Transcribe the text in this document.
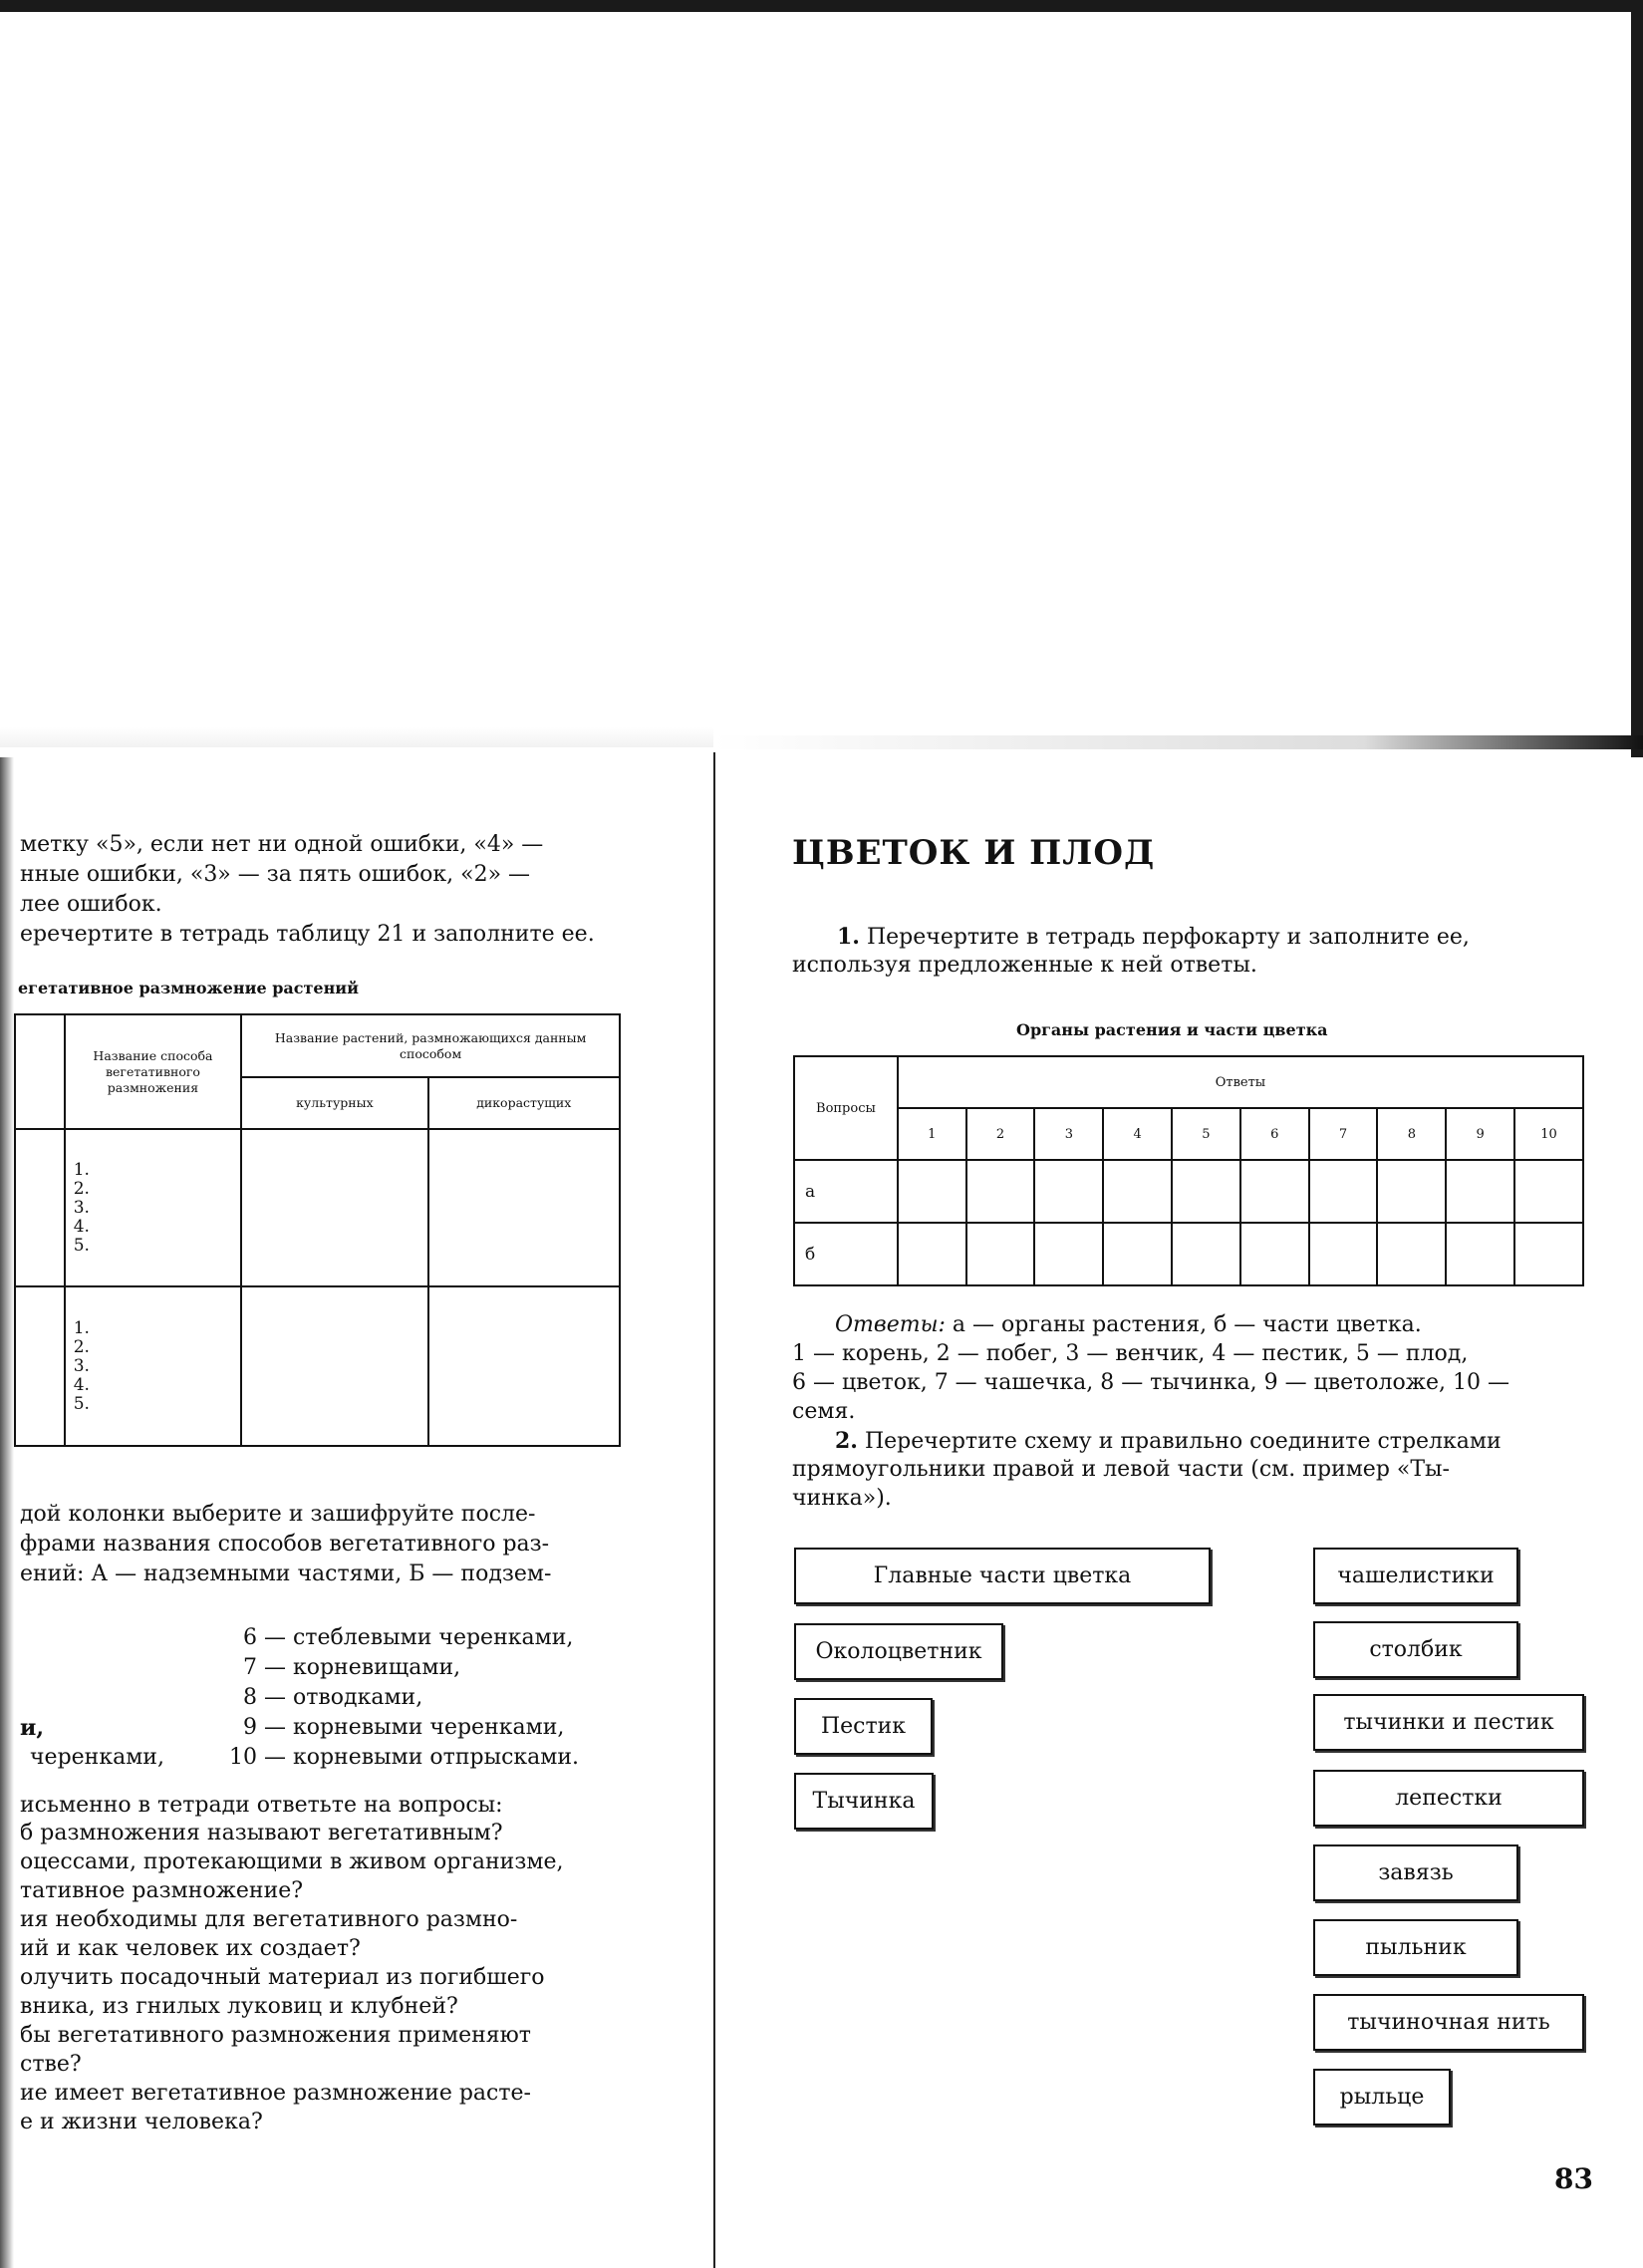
метку «5», если нет ни одной ошибки, «4» —
нные ошибки, «3» — за пять ошибок, «2» —
лее ошибок.
еречертите в тетрадь таблицу 21 и заполните ее.
егетативное размножение растений
	Название способа вегетативного размножения	Название растений, размножающихся данным способом	
		культурных	дикорастущих

	1.
2.
3.
4.
5.		

	1.
2.
3.
4.
5.		

дой колонки выберите и зашифруйте после-
фрами названия способов вегетативного раз-
ений: А — надземными частями, Б — подзем-
6 — стеблевыми черенками,
7 — корневищами,
8 — отводками,
и,	9 — корневыми черенками,
черенками,	10 — корневыми отпрысками.
исьменно в тетради ответьте на вопросы:
б размножения называют вегетативным?
оцессами, протекающими в живом организме,
тативное размножение?
ия необходимы для вегетативного размно-
ий и как человек их создает?
олучить посадочный материал из погибшего
вника, из гнилых луковиц и клубней?
бы вегетативного размножения применяют
стве?
ие имеет вегетативное размножение расте-
е и жизни человека?
ЦВЕТОК И ПЛОД
1. Перечертите в тетрадь перфокарту и заполните ее,
используя предложенные к ней ответы.
Органы растения и части цветка
Вопросы	Ответы									
	1	2	3	4	5	6	7	8	9	10
а										
б										
Ответы: а — органы растения, б — части цветка.
1 — корень, 2 — побег, 3 — венчик, 4 — пестик, 5 — плод,
6 — цветок, 7 — чашечка, 8 — тычинка, 9 — цветоложе, 10 —
семя.
2. Перечертите схему и правильно соедините стрелками
прямоугольники правой и левой части (см. пример «Ты-
чинка»).
Главные части цветка
Околоцветник
Пестик
Тычинка
чашелистики
столбик
тычинки и пестик
лепестки
завязь
пыльник
тычиночная нить
рыльце
83
